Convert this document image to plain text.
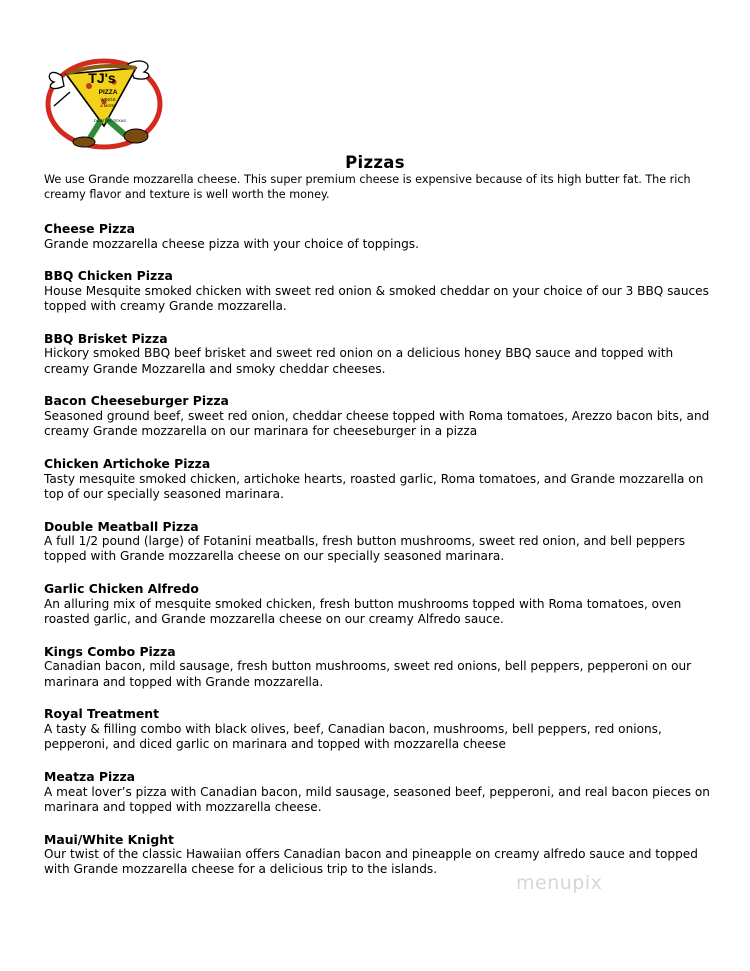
TJ's
PIZZA
WINGS
& MORE
DENTON, TEXAS
Pizzas
We use Grande mozzarella cheese. This super premium cheese is expensive because of its high butter fat. The rich creamy flavor and texture is well worth the money.
Cheese Pizza
Grande mozzarella cheese pizza with your choice of toppings.
BBQ Chicken Pizza
House Mesquite smoked chicken with sweet red onion & smoked cheddar on your choice of our 3 BBQ sauces topped with creamy Grande mozzarella.
BBQ Brisket Pizza
Hickory smoked BBQ beef brisket and sweet red onion on a delicious honey BBQ sauce and topped with creamy Grande Mozzarella and smoky cheddar cheeses.
Bacon Cheeseburger Pizza
Seasoned ground beef, sweet red onion, cheddar cheese topped with Roma tomatoes, Arezzo bacon bits, and creamy Grande mozzarella on our marinara for cheeseburger in a pizza
Chicken Artichoke Pizza
Tasty mesquite smoked chicken, artichoke hearts, roasted garlic, Roma tomatoes, and Grande mozzarella on top of our specially seasoned marinara.
Double Meatball Pizza
A full 1/2 pound (large) of Fotanini meatballs, fresh button mushrooms, sweet red onion, and bell peppers topped with Grande mozzarella cheese on our specially seasoned marinara.
Garlic Chicken Alfredo
An alluring mix of mesquite smoked chicken, fresh button mushrooms topped with Roma tomatoes, oven roasted garlic, and Grande mozzarella cheese on our creamy Alfredo sauce.
Kings Combo Pizza
Canadian bacon, mild sausage, fresh button mushrooms, sweet red onions, bell peppers, pepperoni on our marinara and topped with Grande mozzarella.
Royal Treatment
A tasty & filling combo with black olives, beef, Canadian bacon, mushrooms, bell peppers, red onions, pepperoni, and diced garlic on marinara and topped with mozzarella cheese
Meatza Pizza
A meat lover’s pizza with Canadian bacon, mild sausage, seasoned beef, pepperoni, and real bacon pieces on marinara and topped with mozzarella cheese.
Maui/White Knight
Our twist of the classic Hawaiian offers Canadian bacon and pineapple on creamy alfredo sauce and topped with Grande mozzarella cheese for a delicious trip to the islands.
menupix
